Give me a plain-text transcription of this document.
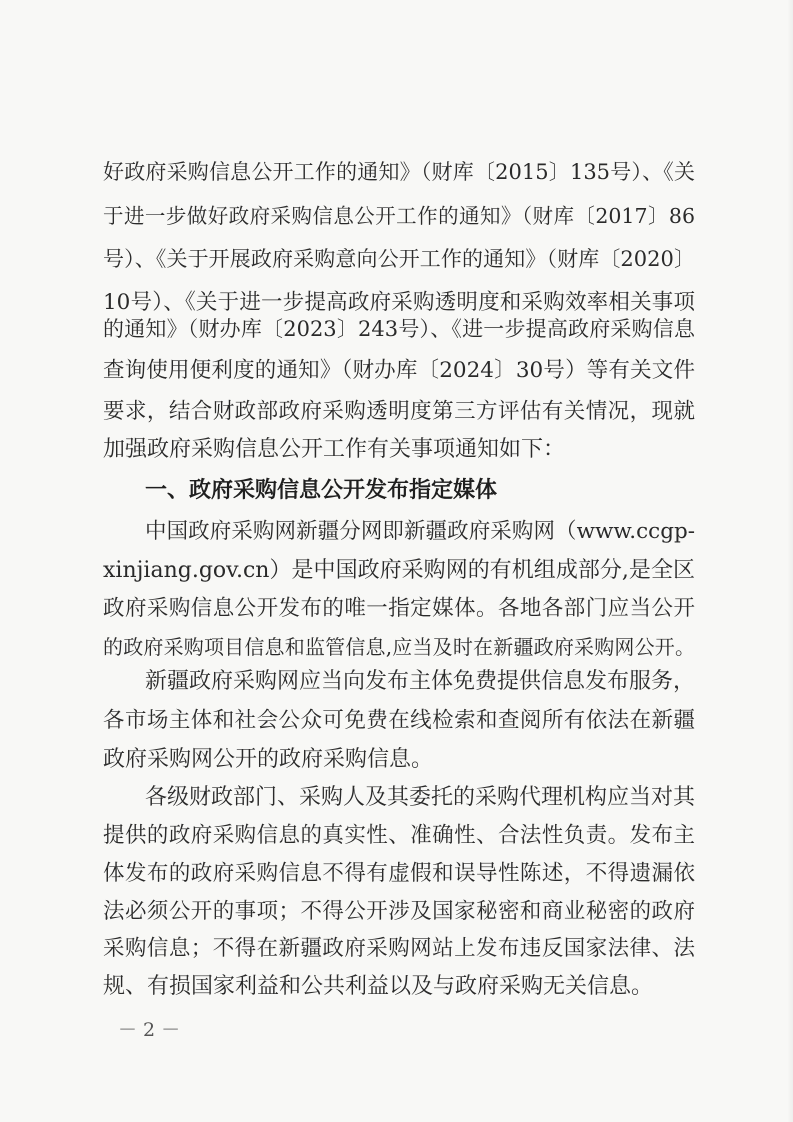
好政府采购信息公开工作的通知》（财库〔2015〕135号）、《关
于进一步做好政府采购信息公开工作的通知》（财库〔2017〕86
号）、《关于开展政府采购意向公开工作的通知》（财库〔2020〕
10号）、《关于进一步提高政府采购透明度和采购效率相关事项
的通知》（财办库〔2023〕243号）、《进一步提高政府采购信息
查询使用便利度的通知》（财办库〔2024〕30号）等有关文件
要求，结合财政部政府采购透明度第三方评估有关情况，现就
加强政府采购信息公开工作有关事项通知如下：
一、政府采购信息公开发布指定媒体
中国政府采购网新疆分网即新疆政府采购网（www.ccgp-
xinjiang.gov.cn）是中国政府采购网的有机组成部分,是全区
政府采购信息公开发布的唯一指定媒体。各地各部门应当公开
的政府采购项目信息和监管信息,应当及时在新疆政府采购网公开。
新疆政府采购网应当向发布主体免费提供信息发布服务，
各市场主体和社会公众可免费在线检索和查阅所有依法在新疆
政府采购网公开的政府采购信息。
各级财政部门、采购人及其委托的采购代理机构应当对其
提供的政府采购信息的真实性、准确性、合法性负责。发布主
体发布的政府采购信息不得有虚假和误导性陈述，不得遗漏依
法必须公开的事项；不得公开涉及国家秘密和商业秘密的政府
采购信息；不得在新疆政府采购网站上发布违反国家法律、法
规、有损国家利益和公共利益以及与政府采购无关信息。
－ 2 －
